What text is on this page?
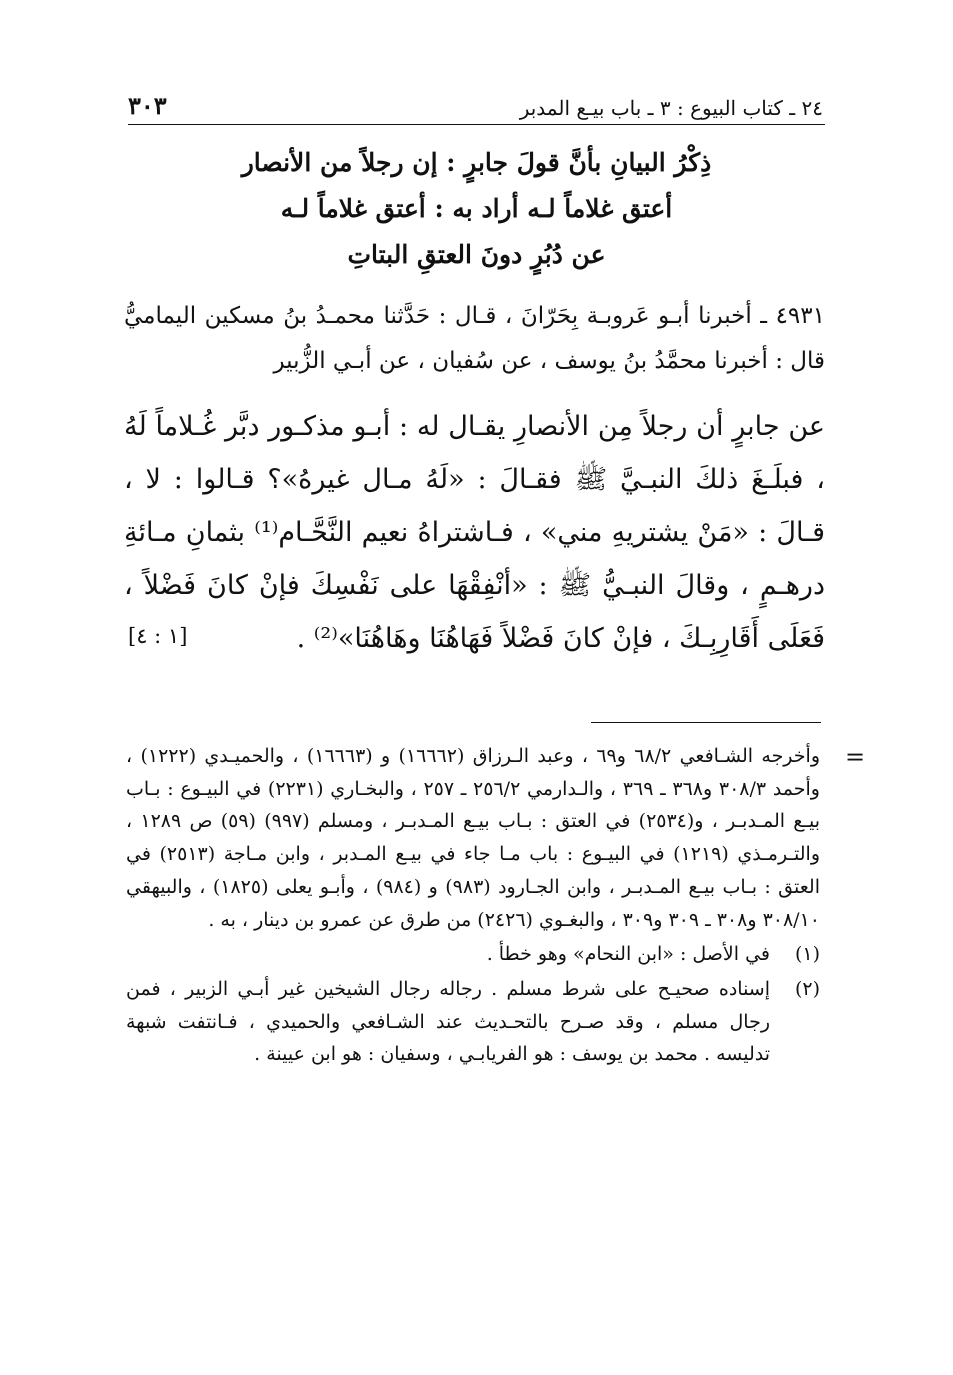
٣٠٣	٢٤ ـ كتاب البيوع : ٣ ـ باب بيـع المدبر
ذِكْرُ البيانِ بأنَّ قولَ جابرٍ : إن رجلاً من الأنصار
أعتق غلاماً لـه أراد به : أعتق غلاماً لـه
عن دُبُرٍ دونَ العتقِ البتاتِ
٤٩٣١ ـ أخبرنا أبـو عَروبـة بِحَرّانَ ، قـال : حَدَّثنا محمـدُ بنُ مسكين اليماميُّ قال : أخبرنا محمَّدُ بنُ يوسف ، عن سُفيان ، عن أبـي الزُّبير
عن جابرٍ أن رجلاً مِن الأنصارِ يقـال له : أبـو مذكـور دبَّر غُـلاماً لَهُ ، فبلَـغَ ذلكَ النبـيَّ ﷺ فقـالَ : «لَهُ مـال غيرهُ»؟ قـالوا : لا ، قـالَ : «مَنْ يشتريهِ مني» ، فـاشتراهُ نعيم النَّحَّـام⁽¹⁾ بثمانِ مـائةِ درهـمٍ ، وقالَ النبـيُّ ﷺ : «أنْفِقْهَا على نَفْسِكَ فإنْ كانَ فَضْلاً ، فَعَلَى أَقَارِبِـكَ ، فإنْ كانَ فَضْلاً فَهَاهُنَا وهَاهُنَا»⁽²⁾ .
[١ : ٤]
=
وأخرجه الشـافعي ٦٨/٢ و٦٩ ، وعبد الـرزاق (١٦٦٦٢) و (١٦٦٦٣) ، والحميـدي (١٢٢٢) ، وأحمد ٣٠٨/٣ و٣٦٨ ـ ٣٦٩ ، والـدارمي ٢٥٦/٢ ـ ٢٥٧ ، والبخـاري (٢٢٣١) في البيـوع : بـاب بيـع المـدبـر ، و(٢٥٣٤) في العتق : بـاب بيـع المـدبـر ، ومسلم (٩٩٧) (٥٩) ص ١٢٨٩ ، والتـرمـذي (١٢١٩) في البيـوع : باب مـا جاء في بيـع المـدبر ، وابن مـاجة (٢٥١٣) في العتق : بـاب بيـع المـدبـر ، وابن الجـارود (٩٨٣) و (٩٨٤) ، وأبـو يعلى (١٨٢٥) ، والبيهقي ٣٠٨/١٠ و٣٠٨ ـ ٣٠٩ و٣٠٩ ، والبغـوي (٢٤٢٦) من طرق عن عمرو بن دينار ، به .
(١)
في الأصل : «ابن النحام» وهو خطأ .
(٢)
إسناده صحيـح على شرط مسلم . رجاله رجال الشيخين غير أبـي الزبير ، فمن رجال مسلم ، وقد صـرح بالتحـديث عند الشـافعي والحميدي ، فـانتفت شبهة تدليسه . محمد بن يوسف : هو الفريابـي ، وسفيان : هو ابن عيينة .
